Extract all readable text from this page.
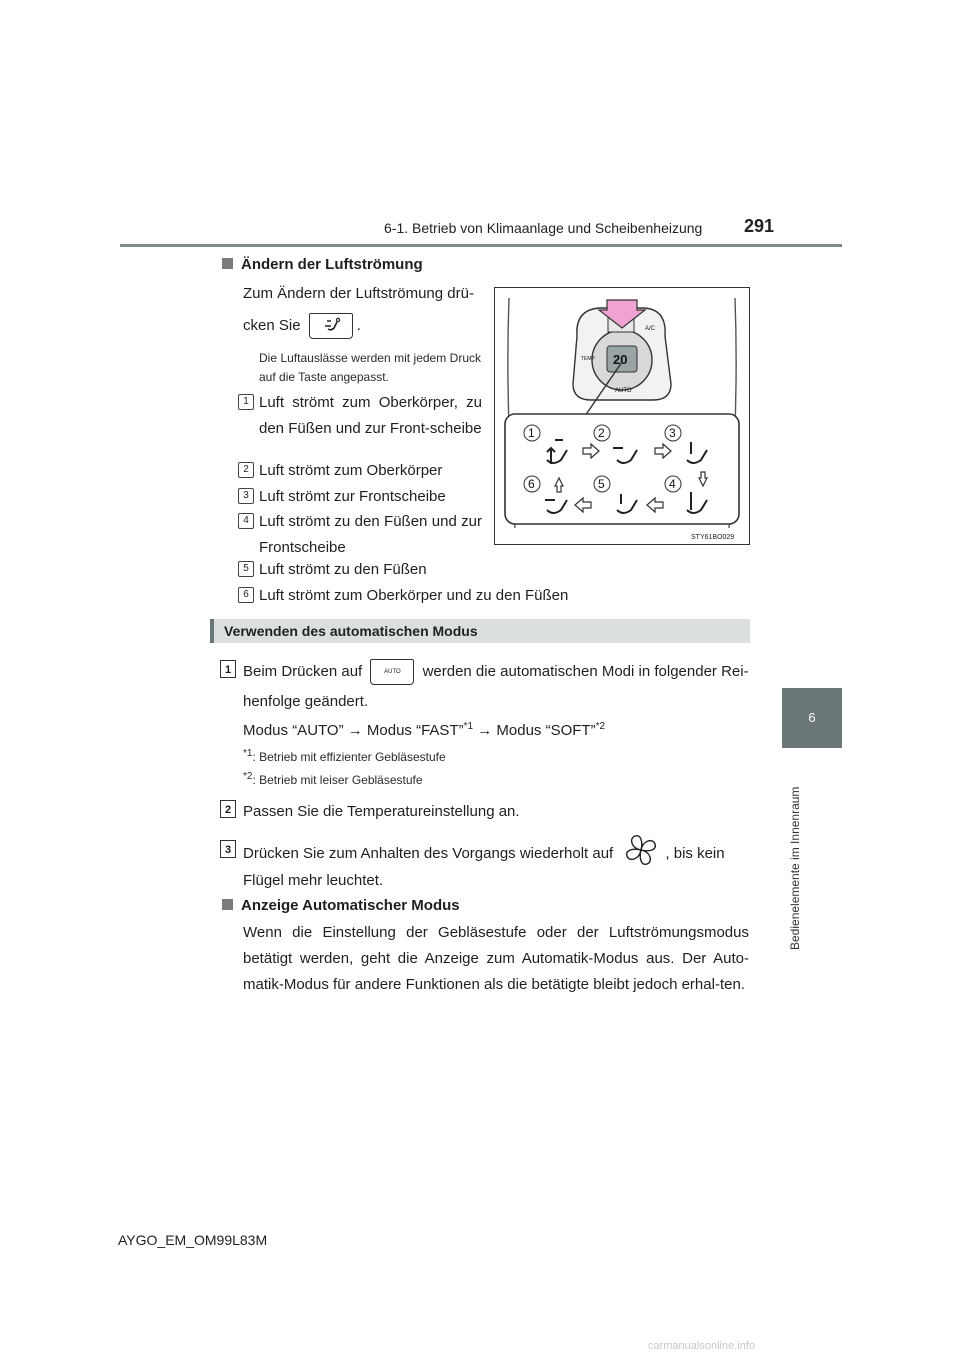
6-1. Betrieb von Klimaanlage und Scheibenheizung 291
6
Bedienelemente im Innenraum
Ändern der Luftströmung
Zum Ändern der Luftströmung drü-
cken Sie	.
Die Luftauslässe werden mit jedem Druck auf die Taste angepasst.
1 Luft strömt zum Oberkörper, zu den Füßen und zur Front-scheibe
2 Luft strömt zum Oberkörper
3 Luft strömt zur Frontscheibe
4 Luft strömt zu den Füßen und zur Frontscheibe
5 Luft strömt zu den Füßen
6 Luft strömt zum Oberkörper und zu den Füßen
20
A/C
AUTO
TEMP
1	2	3
4
5
6
STY61BO029
Verwenden des automatischen Modus
1 Beim Drücken auf	AUTO werden die automatischen Modi in folgender Rei-
henfolge geändert.
Modus “AUTO” → Modus “FAST”$^{*1}$ → Modus “SOFT”$^{*2}$
$^{*1}$: Betrieb mit effizienter Gebläsestufe
$^{*2}$: Betrieb mit leiser Gebläsestufe
2 Passen Sie die Temperatureinstellung an.
3 Drücken Sie zum Anhalten des Vorgangs wiederholt auf	, bis kein
Flügel mehr leuchtet.
Anzeige Automatischer Modus
Wenn die Einstellung der Gebläsestufe oder der Luftströmungsmodus betätigt werden, geht die Anzeige zum Automatik-Modus aus. Der Auto-matik-Modus für andere Funktionen als die betätigte bleibt jedoch erhal-ten.
AYGO_EM_OM99L83M
carmanualsonline.info
